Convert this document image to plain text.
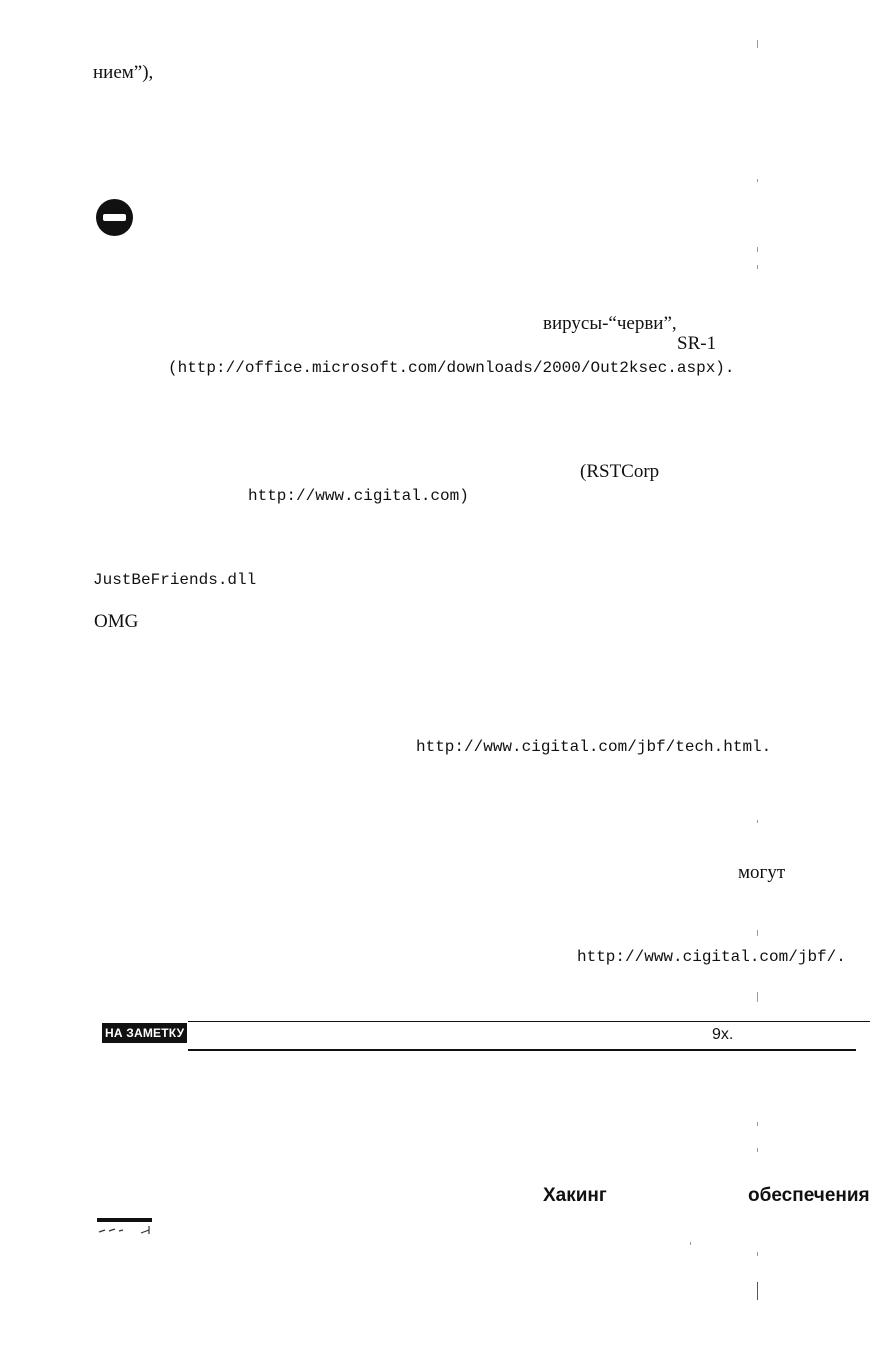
нием”),
вирусы-“черви”,
SR-1
(http://office.microsoft.com/downloads/2000/Out2ksec.aspx).
(RSTCorp
http://www.cigital.com)
JustBeFriends.dll
OMG
http://www.cigital.com/jbf/tech.html.
могут
http://www.cigital.com/jbf/.
НА ЗАМЕТКУ	9x.
Хакинг	обеспечения
